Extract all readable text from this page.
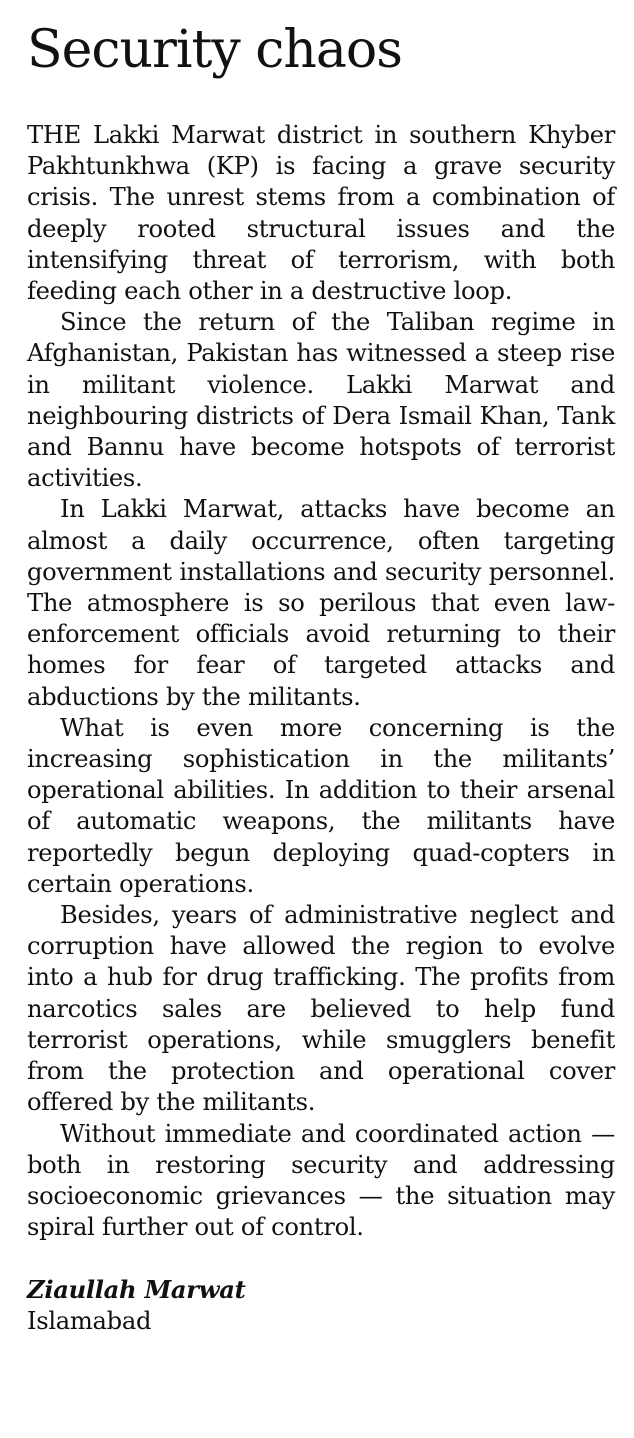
Security chaos

THE Lakki Marwat district in southern Khyber Pakhtunkhwa (KP) is facing a grave security crisis. The unrest stems from a combination of deeply rooted structural issues and the intensifying threat of terrorism, with both feeding each other in a destructive loop.

Since the return of the Taliban regime in Afghanistan, Pakistan has witnessed a steep rise in militant violence. Lakki Marwat and neighbouring districts of Dera Ismail Khan, Tank and Bannu have become hotspots of terrorist activities.

In Lakki Marwat, attacks have become an almost a daily occurrence, often targeting government installations and security personnel. The atmosphere is so perilous that even law-enforcement officials avoid returning to their homes for fear of targeted attacks and abductions by the militants.

What is even more concerning is the increasing sophistication in the militants’ operational abilities. In addition to their arsenal of automatic weapons, the militants have reportedly begun deploying quad-copters in certain operations.

Besides, years of administrative neglect and corruption have allowed the region to evolve into a hub for drug trafficking. The profits from narcotics sales are believed to help fund terrorist operations, while smugglers benefit from the protection and operational cover offered by the militants.

Without immediate and coordinated action — both in restoring security and addressing socioeconomic grievances — the situation may spiral further out of control.

Ziaullah Marwat
Islamabad
